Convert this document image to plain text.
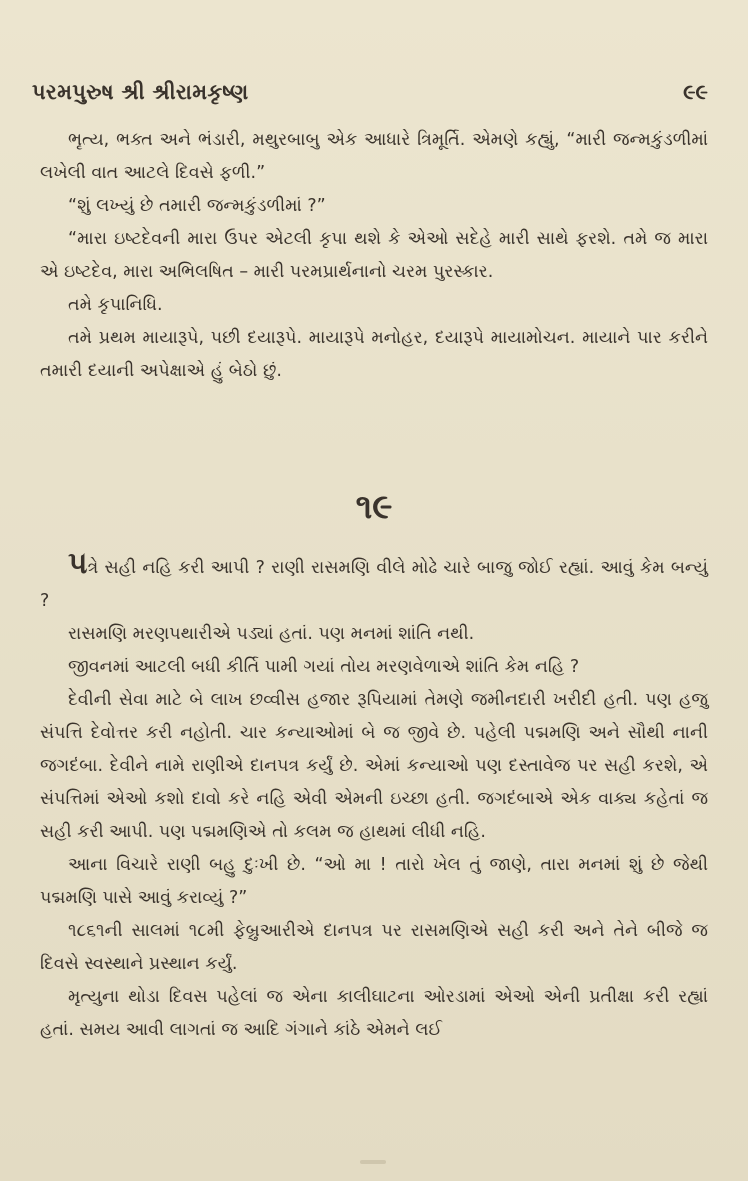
પરમપુરુષ શ્રી શ્રીરામકૃષ્ણ	૯૯

ભૃત્ય, ભક્ત અને ભંડારી, મથુરબાબુ એક આધારે ત્રિમૂર્તિ. એમણે કહ્યું, “મારી જન્મકુંડળીમાં લખેલી વાત આટલે દિવસે ફળી.”

“શું લખ્યું છે તમારી જન્મકુંડળીમાં ?”

“મારા ઇષ્ટદેવની મારા ઉપર એટલી કૃપા થશે કે એઓ સદેહે મારી સાથે ફરશે. તમે જ મારા એ ઇષ્ટદેવ, મારા અભિલષિત – મારી પરમપ્રાર્થનાનો ચરમ પુરસ્કાર.

તમે કૃપાનિધિ.

તમે પ્રથમ માયારૂપે, પછી દયારૂપે. માયારૂપે મનોહર, દયારૂપે માયામોચન. માયાને પાર કરીને તમારી દયાની અપેક્ષાએ હું બેઠો છું.

૧૯

પત્રે સહી નહિ કરી આપી ? રાણી રાસમણિ વીલે મોઢે ચારે બાજુ જોઈ રહ્યાં. આવું કેમ બન્યું ?

રાસમણિ મરણપથારીએ પડ્યાં હતાં. પણ મનમાં શાંતિ નથી.

જીવનમાં આટલી બધી કીર્તિ પામી ગયાં તોય મરણવેળાએ શાંતિ કેમ નહિ ?

દેવીની સેવા માટે બે લાખ છવ્વીસ હજાર રૂપિયામાં તેમણે જમીનદારી ખરીદી હતી. પણ હજુ સંપત્તિ દેવોત્તર કરી નહોતી. ચાર કન્યાઓમાં બે જ જીવે છે. પહેલી પદ્મમણિ અને સૌથી નાની જગદંબા. દેવીને નામે રાણીએ દાનપત્ર કર્યું છે. એમાં કન્યાઓ પણ દસ્તાવેજ પર સહી કરશે, એ સંપત્તિમાં એઓ કશો દાવો કરે નહિ એવી એમની ઇચ્છા હતી. જગદંબાએ એક વાક્ય કહેતાં જ સહી કરી આપી. પણ પદ્મમણિએ તો કલમ જ હાથમાં લીધી નહિ.

આના વિચારે રાણી બહુ દુઃખી છે. “ઓ મા ! તારો ખેલ તું જાણે, તારા મનમાં શું છે જેથી પદ્મમણિ પાસે આવું કરાવ્યું ?”

૧૮૬૧ની સાલમાં ૧૮મી ફેબ્રુઆરીએ દાનપત્ર પર રાસમણિએ સહી કરી અને તેને બીજે જ દિવસે સ્વસ્થાને પ્રસ્થાન કર્યું.

મૃત્યુના થોડા દિવસ પહેલાં જ એના કાલીઘાટના ઓરડામાં એઓ એની પ્રતીક્ષા કરી રહ્યાં હતાં. સમય આવી લાગતાં જ આદિ ગંગાને કાંઠે એમને લઈ
